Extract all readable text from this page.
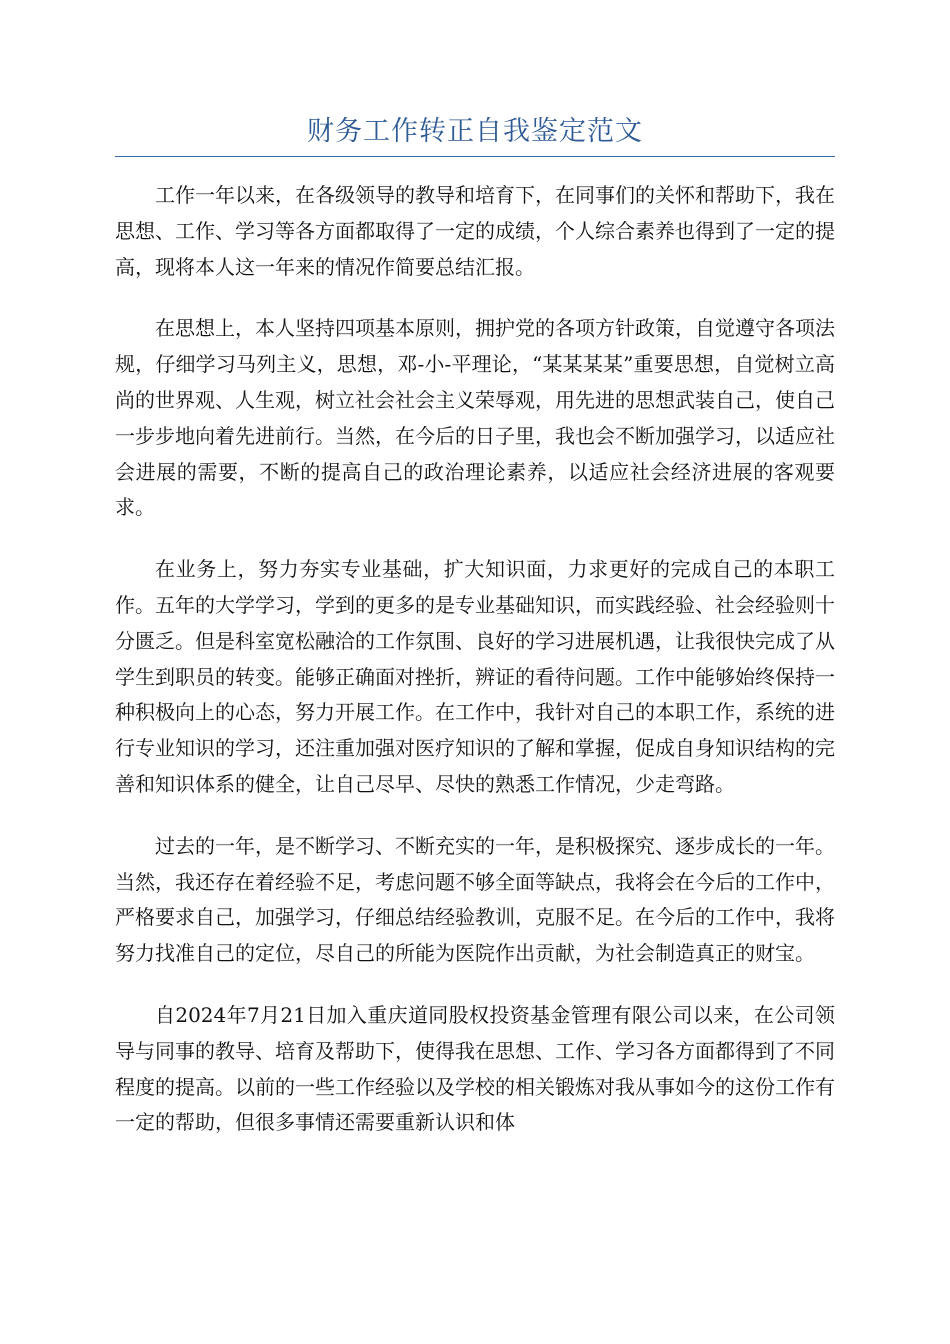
财务工作转正自我鉴定范文

工作一年以来，在各级领导的教导和培育下，在同事们的关怀和帮助下，我在思想、工作、学习等各方面都取得了一定的成绩，个人综合素养也得到了一定的提高，现将本人这一年来的情况作简要总结汇报。

在思想上，本人坚持四项基本原则，拥护党的各项方针政策，自觉遵守各项法规，仔细学习马列主义，思想，邓-小-平理论，“某某某某”重要思想，自觉树立高尚的世界观、人生观，树立社会社会主义荣辱观，用先进的思想武装自己，使自己一步步地向着先进前行。当然，在今后的日子里，我也会不断加强学习，以适应社会进展的需要，不断的提高自己的政治理论素养，以适应社会经济进展的客观要求。

在业务上，努力夯实专业基础，扩大知识面，力求更好的完成自己的本职工作。五年的大学学习，学到的更多的是专业基础知识，而实践经验、社会经验则十分匮乏。但是科室宽松融洽的工作氛围、良好的学习进展机遇，让我很快完成了从学生到职员的转变。能够正确面对挫折，辨证的看待问题。工作中能够始终保持一种积极向上的心态，努力开展工作。在工作中，我针对自己的本职工作，系统的进行专业知识的学习，还注重加强对医疗知识的了解和掌握，促成自身知识结构的完善和知识体系的健全，让自己尽早、尽快的熟悉工作情况，少走弯路。

过去的一年，是不断学习、不断充实的一年，是积极探究、逐步成长的一年。当然，我还存在着经验不足，考虑问题不够全面等缺点，我将会在今后的工作中，严格要求自己，加强学习，仔细总结经验教训，克服不足。在今后的工作中，我将努力找准自己的定位，尽自己的所能为医院作出贡献，为社会制造真正的财宝。

自2024年7月21日加入重庆道同股权投资基金管理有限公司以来，在公司领导与同事的教导、培育及帮助下，使得我在思想、工作、学习各方面都得到了不同程度的提高。以前的一些工作经验以及学校的相关锻炼对我从事如今的这份工作有一定的帮助，但很多事情还需要重新认识和体
